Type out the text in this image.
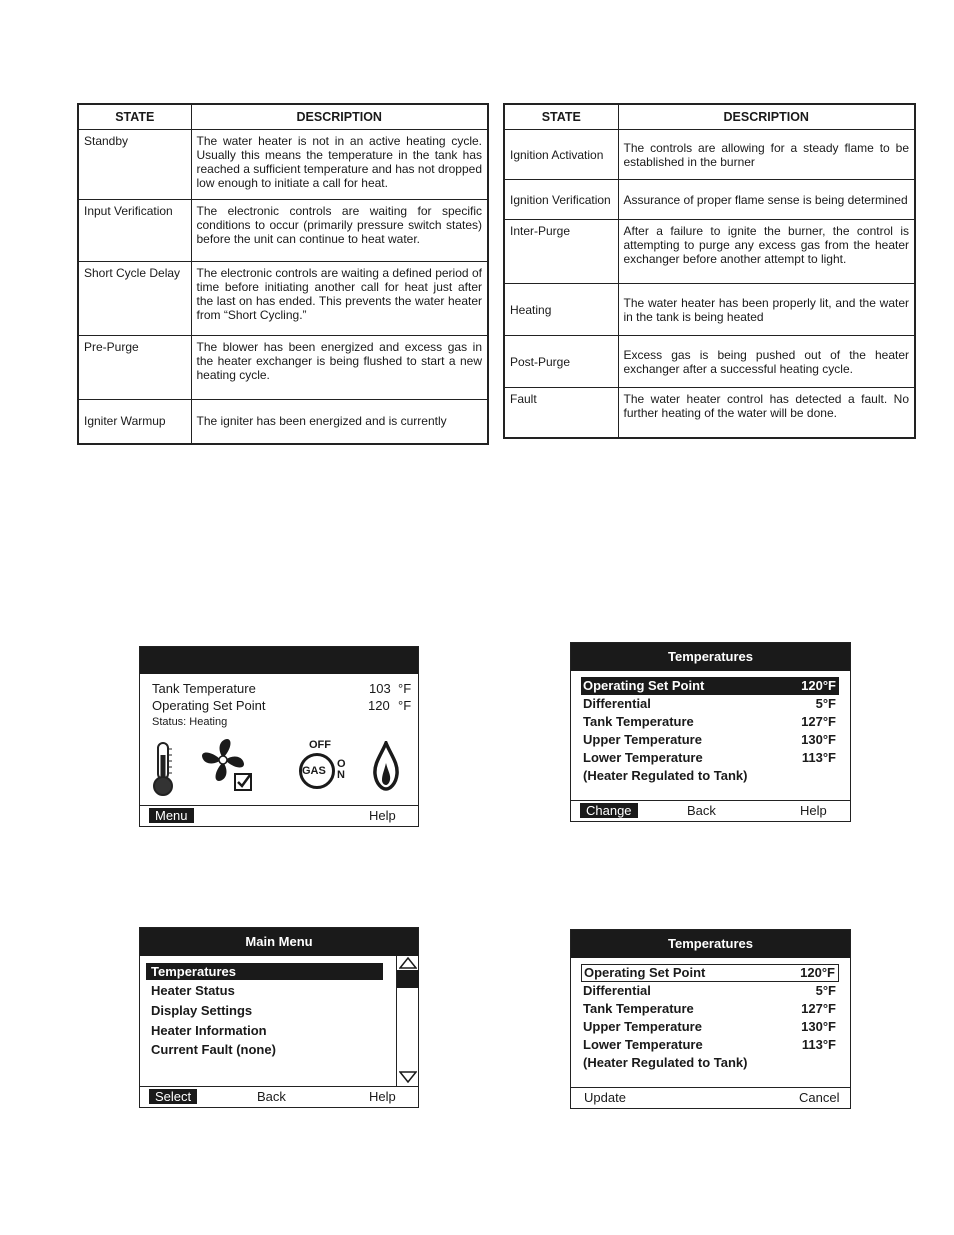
STATE	DESCRIPTION
Standby	The water heater is not in an active heating cycle. Usually this means the temperature in the tank has reached a sufficient temperature and has not dropped low enough to initiate a call for heat.
Input Verification	The electronic controls are waiting for specific conditions to occur (primarily pressure switch states) before the unit can continue to heat water.
Short Cycle Delay	The electronic controls are waiting a defined period of time before initiating another call for heat just after the last on has ended. This prevents the water heater from “Short Cycling.”
Pre-Purge	The blower has been energized and excess gas in the heater exchanger is being flushed to start a new heating cycle.
Igniter Warmup	The igniter has been energized and is currently
STATE	DESCRIPTION
Ignition Activation	The controls are allowing for a steady flame to be established in the burner
Ignition Verification	Assurance of proper flame sense is being determined
Inter-Purge	After a failure to ignite the burner, the control is attempting to purge any excess gas from the heater exchanger before another attempt to light.
Heating	The water heater has been properly lit, and the water in the tank is being heated
Post-Purge	Excess gas is being pushed out of the heater exchanger after a successful heating cycle.
Fault	The water heater control has detected a fault. No further heating of the water will be done.
Tank Temperature	103 °F
Operating Set Point	120 °F
Status: Heating
OFF
GAS
ON
Menu	Help
Main Menu
Temperatures
Heater Status
Display Settings
Heater Information
Current Fault (none)
Select	Back	Help
Temperatures
Operating Set Point	120°F
Differential	5°F
Tank Temperature	127°F
Upper Temperature	130°F
Lower Temperature	113°F
(Heater Regulated to Tank)
Change	Back	Help
Temperatures
Operating Set Point	120°F
Differential	5°F
Tank Temperature	127°F
Upper Temperature	130°F
Lower Temperature	113°F
(Heater Regulated to Tank)
Update	Cancel
